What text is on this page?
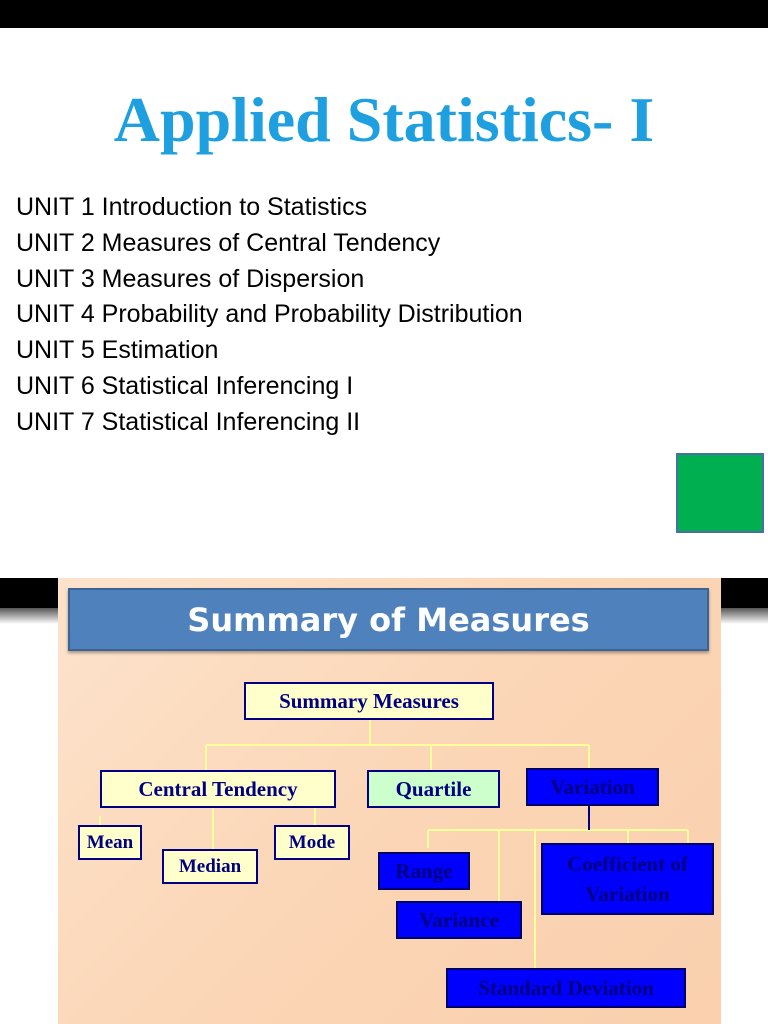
Applied Statistics- I
UNIT 1 Introduction to Statistics
UNIT 2 Measures of Central Tendency
UNIT 3 Measures of Dispersion
UNIT 4 Probability and Probability Distribution
UNIT 5 Estimation
UNIT 6 Statistical Inferencing I
UNIT 7 Statistical Inferencing II
Summary of Measures
Summary Measures
Central Tendency	Quartile	Variation
Mean
Median
Mode
Range
Variance
Standard Deviation
Coefficient of Variation
